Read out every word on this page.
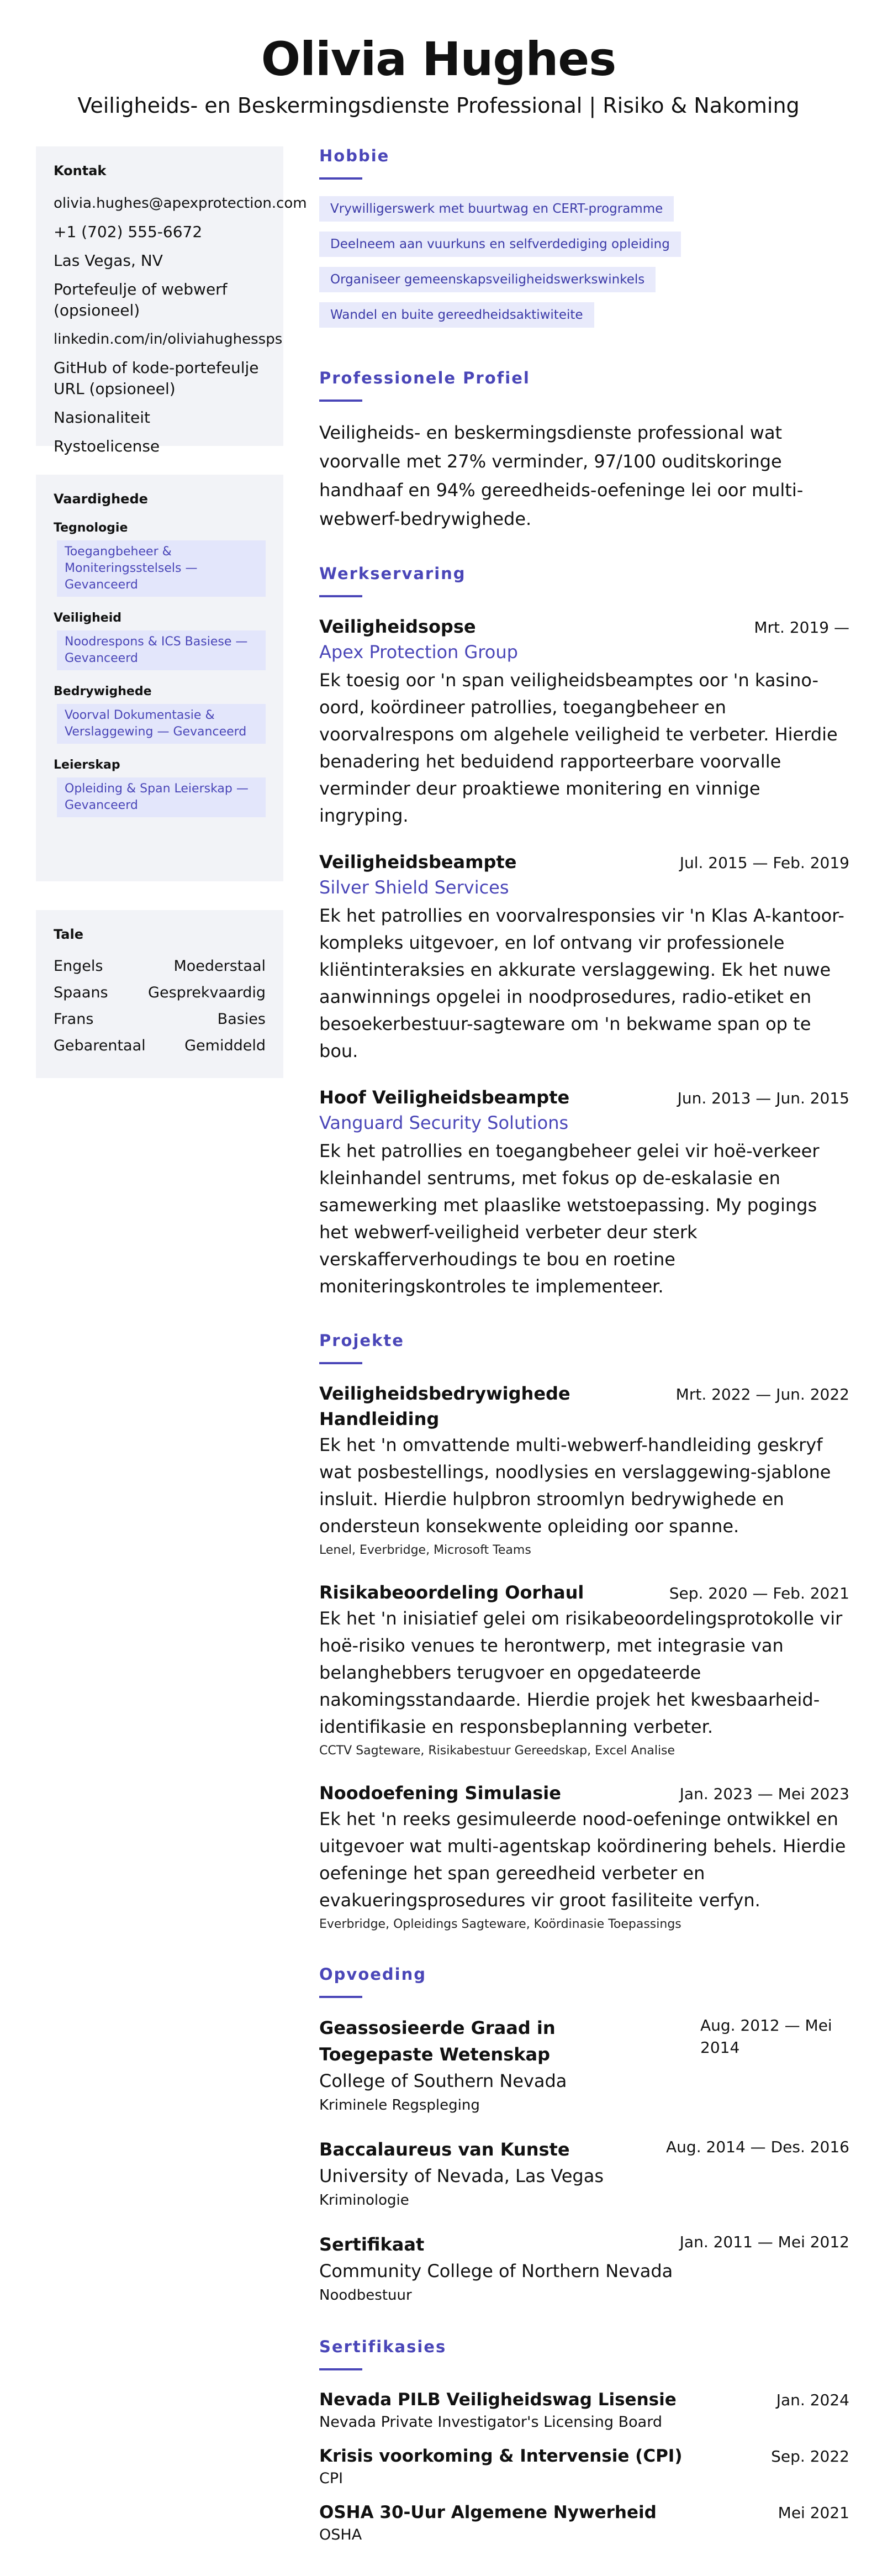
Olivia Hughes
Veiligheids- en Beskermingsdienste Professional | Risiko & Nakoming
Kontak
olivia.hughes@apexprotection.com
+1 (702) 555-6672
Las Vegas, NV
Portefeulje of webwerf (opsioneel)
linkedin.com/in/oliviahughessps
GitHub of kode-portefeulje URL (opsioneel)
Nasionaliteit
Rystoelicense
Vaardighede
Tegnologie
Toegangbeheer & Moniteringsstelsels — Gevanceerd
Veiligheid
Noodrespons & ICS Basiese — Gevanceerd
Bedrywighede
Voorval Dokumentasie & Verslaggewing — Gevanceerd
Leierskap
Opleiding & Span Leierskap — Gevanceerd
Tale
Engels	Moederstaal
Spaans	Gesprekvaardig
Frans	Basies
Gebarentaal	Gemiddeld
Hobbie
Vrywilligerswerk met buurtwag en CERT-programme
Deelneem aan vuurkuns en selfverdediging opleiding
Organiseer gemeenskapsveiligheidswerkswinkels
Wandel en buite gereedheidsaktiwiteite
Professionele Profiel

Veiligheids- en beskermingsdienste professional wat voorvalle met 27% verminder, 97/100 ouditskoringe handhaaf en 94% gereedheids-oefeninge lei oor multi-webwerf-bedrywighede.

Werkservaring
Veiligheidsopse	Mrt. 2019 —
Apex Protection Group
Ek toesig oor 'n span veiligheidsbeamptes oor 'n kasino-oord, koördineer patrollies, toegangbeheer en voorvalrespons om algehele veiligheid te verbeter. Hierdie benadering het beduidend rapporteerbare voorvalle verminder deur proaktiewe monitering en vinnige ingryping.
Veiligheidsbeampte	Jul. 2015 — Feb. 2019
Silver Shield Services
Ek het patrollies en voorvalresponsies vir 'n Klas A-kantoor-kompleks uitgevoer, en lof ontvang vir professionele kliëntinteraksies en akkurate verslaggewing. Ek het nuwe aanwinnings opgelei in noodprosedures, radio-etiket en besoekerbestuur-sagteware om 'n bekwame span op te bou.
Hoof Veiligheidsbeampte	Jun. 2013 — Jun. 2015
Vanguard Security Solutions
Ek het patrollies en toegangbeheer gelei vir hoë-verkeer kleinhandel sentrums, met fokus op de-eskalasie en samewerking met plaaslike wetstoepassing. My pogings het webwerf-veiligheid verbeter deur sterk verskafferverhoudings te bou en roetine moniteringskontroles te implementeer.
Projekte
Veiligheidsbedrywighede Handleiding
Mrt. 2022 — Jun. 2022
Ek het 'n omvattende multi-webwerf-handleiding geskryf wat posbestellings, noodlysies en verslaggewing-sjablone insluit. Hierdie hulpbron stroomlyn bedrywighede en ondersteun konsekwente opleiding oor spanne.
Lenel, Everbridge, Microsoft Teams
Risikabeoordeling Oorhaul	Sep. 2020 — Feb. 2021
Ek het 'n inisiatief gelei om risikabeoordelingsprotokolle vir hoë-risiko venues te herontwerp, met integrasie van belanghebbers terugvoer en opgedateerde nakomingsstandaarde. Hierdie projek het kwesbaarheid-identifikasie en responsbeplanning verbeter.
CCTV Sagteware, Risikabestuur Gereedskap, Excel Analise
Noodoefening Simulasie	Jan. 2023 — Mei 2023
Ek het 'n reeks gesimuleerde nood-oefeninge ontwikkel en uitgevoer wat multi-agentskap koördinering behels. Hierdie oefeninge het span gereedheid verbeter en evakueringsprosedures vir groot fasiliteite verfyn.
Everbridge, Opleidings Sagteware, Koördinasie Toepassings
Opvoeding
Geassosieerde Graad in Toegepaste Wetenskap
Aug. 2012 — Mei 2014
College of Southern Nevada
Kriminele Regspleging
Baccalaureus van Kunste	Aug. 2014 — Des. 2016
University of Nevada, Las Vegas
Kriminologie
Sertifikaat	Jan. 2011 — Mei 2012
Community College of Northern Nevada
Noodbestuur
Sertifikasies
Nevada PILB Veiligheidswag Lisensie	Jan. 2024
Nevada Private Investigator's Licensing Board
Krisis voorkoming & Intervensie (CPI)	Sep. 2022
CPI
OSHA 30-Uur Algemene Nywerheid	Mei 2021
OSHA
